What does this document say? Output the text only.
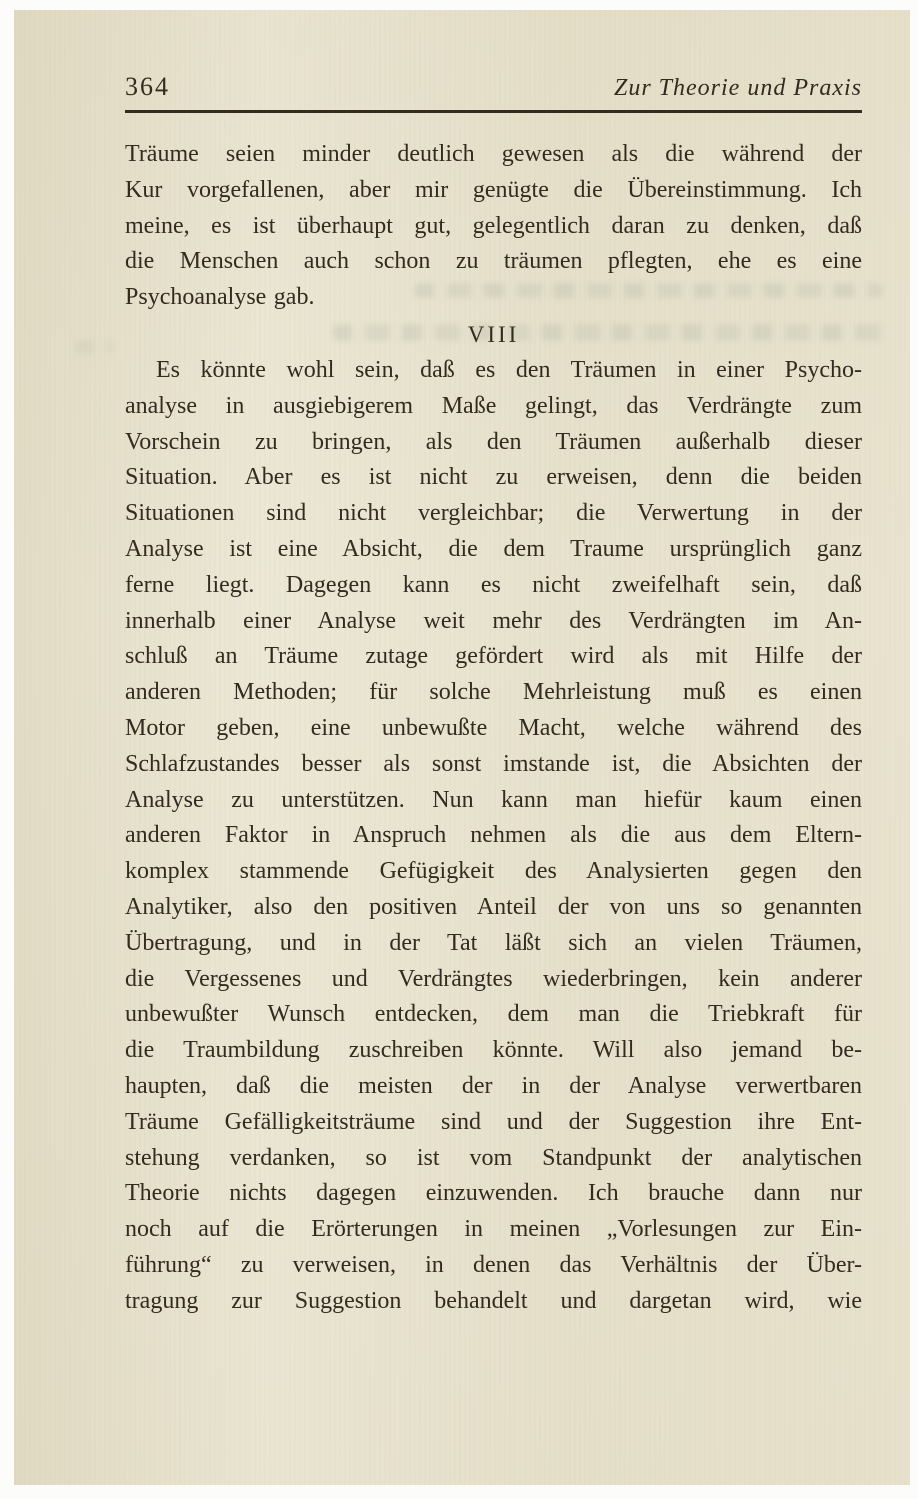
364	Zur Theorie und Praxis
Träume seien minder deutlich gewesen als die während der
Kur vorgefallenen, aber mir genügte die Übereinstimmung. Ich
meine, es ist überhaupt gut, gelegentlich daran zu denken, daß
die Menschen auch schon zu träumen pflegten, ehe es eine
Psychoanalyse gab.
VIII
Es könnte wohl sein, daß es den Träumen in einer Psycho-
analyse in ausgiebigerem Maße gelingt, das Verdrängte zum
Vorschein zu bringen, als den Träumen außerhalb dieser
Situation. Aber es ist nicht zu erweisen, denn die beiden
Situationen sind nicht vergleichbar; die Verwertung in der
Analyse ist eine Absicht, die dem Traume ursprünglich ganz
ferne liegt. Dagegen kann es nicht zweifelhaft sein, daß
innerhalb einer Analyse weit mehr des Verdrängten im An-
schluß an Träume zutage gefördert wird als mit Hilfe der
anderen Methoden; für solche Mehrleistung muß es einen
Motor geben, eine unbewußte Macht, welche während des
Schlafzustandes besser als sonst imstande ist, die Absichten der
Analyse zu unterstützen. Nun kann man hiefür kaum einen
anderen Faktor in Anspruch nehmen als die aus dem Eltern-
komplex stammende Gefügigkeit des Analysierten gegen den
Analytiker, also den positiven Anteil der von uns so genannten
Übertragung, und in der Tat läßt sich an vielen Träumen,
die Vergessenes und Verdrängtes wiederbringen, kein anderer
unbewußter Wunsch entdecken, dem man die Triebkraft für
die Traumbildung zuschreiben könnte. Will also jemand be-
haupten, daß die meisten der in der Analyse verwertbaren
Träume Gefälligkeitsträume sind und der Suggestion ihre Ent-
stehung verdanken, so ist vom Standpunkt der analytischen
Theorie nichts dagegen einzuwenden. Ich brauche dann nur
noch auf die Erörterungen in meinen „Vorlesungen zur Ein-
führung“ zu verweisen, in denen das Verhältnis der Über-
tragung zur Suggestion behandelt und dargetan wird, wie
